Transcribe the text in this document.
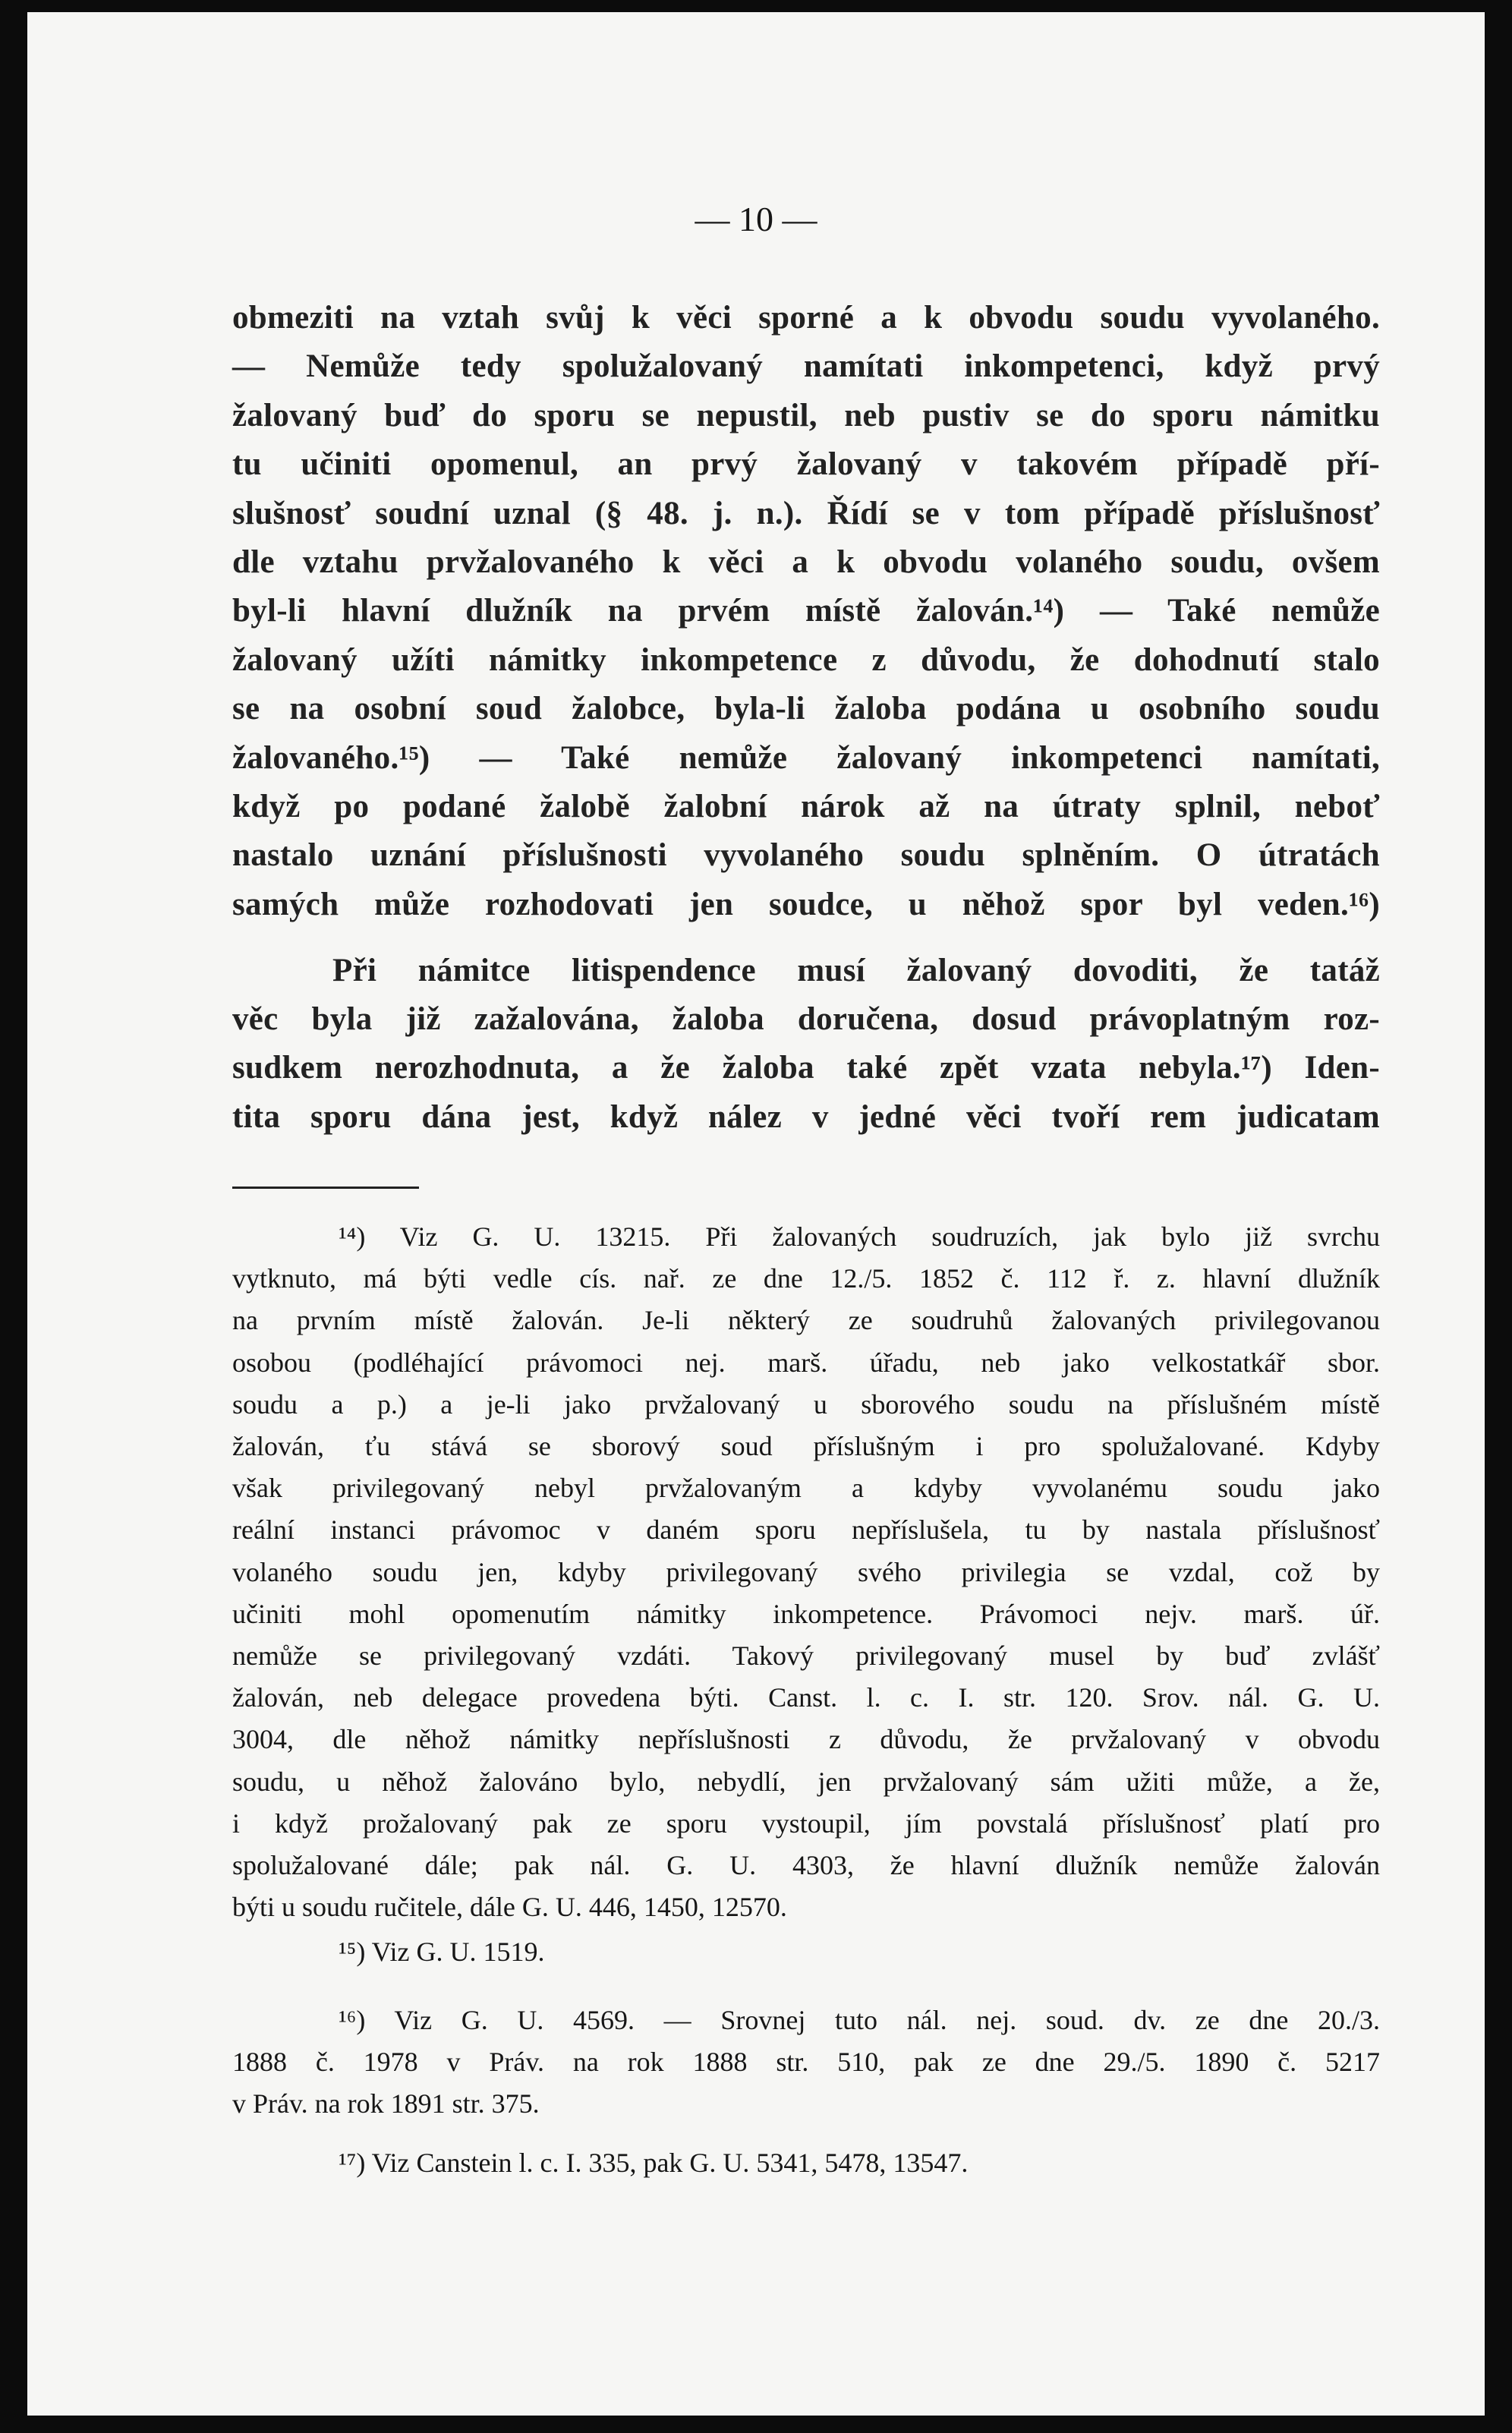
— 10 —
obmeziti na vztah svůj k věci sporné a k obvodu soudu vyvolaného.
— Nemůže tedy spolužalovaný namítati inkompetenci, když prvý
žalovaný buď do sporu se nepustil, neb pustiv se do sporu námitku
tu učiniti opomenul, an prvý žalovaný v takovém případě pří-
slušnosť soudní uznal (§ 48. j. n.). Řídí se v tom případě příslušnosť
dle vztahu prvžalovaného k věci a k obvodu volaného soudu, ovšem
byl-li hlavní dlužník na prvém místě žalován.¹⁴) — Také nemůže
žalovaný užíti námitky inkompetence z důvodu, že dohodnutí stalo
se na osobní soud žalobce, byla-li žaloba podána u osobního soudu
žalovaného.¹⁵) — Také nemůže žalovaný inkompetenci namítati,
když po podané žalobě žalobní nárok až na útraty splnil, neboť
nastalo uznání příslušnosti vyvolaného soudu splněním. O útratách
samých může rozhodovati jen soudce, u něhož spor byl veden.¹⁶)
Při námitce litispendence musí žalovaný dovoditi, že tatáž
věc byla již zažalována, žaloba doručena, dosud právoplatným roz-
sudkem nerozhodnuta, a že žaloba také zpět vzata nebyla.¹⁷) Iden-
tita sporu dána jest, když nález v jedné věci tvoří rem judicatam
¹⁴) Viz G. U. 13215. Při žalovaných soudruzích, jak bylo již svrchu
vytknuto, má býti vedle cís. nař. ze dne 12./5. 1852 č. 112 ř. z. hlavní dlužník
na prvním místě žalován. Je-li některý ze soudruhů žalovaných privilegovanou
osobou (podléhající právomoci nej. marš. úřadu, neb jako velkostatkář sbor.
soudu a p.) a je-li jako prvžalovaný u sborového soudu na příslušném místě
žalován, ťu stává se sborový soud příslušným i pro spolužalované. Kdyby
však privilegovaný nebyl prvžalovaným a kdyby vyvolanému soudu jako
reální instanci právomoc v daném sporu nepříslušela, tu by nastala příslušnosť
volaného soudu jen, kdyby privilegovaný svého privilegia se vzdal, což by
učiniti mohl opomenutím námitky inkompetence. Právomoci nejv. marš. úř.
nemůže se privilegovaný vzdáti. Takový privilegovaný musel by buď zvlášť
žalován, neb delegace provedena býti. Canst. l. c. I. str. 120. Srov. nál. G. U.
3004, dle něhož námitky nepříslušnosti z důvodu, že prvžalovaný v obvodu
soudu, u něhož žalováno bylo, nebydlí, jen prvžalovaný sám užiti může, a že,
i když prožalovaný pak ze sporu vystoupil, jím povstalá příslušnosť platí pro
spolužalované dále; pak nál. G. U. 4303, že hlavní dlužník nemůže žalován
býti u soudu ručitele, dále G. U. 446, 1450, 12570.
¹⁵) Viz G. U. 1519.
¹⁶) Viz G. U. 4569. — Srovnej tuto nál. nej. soud. dv. ze dne 20./3.
1888 č. 1978 v Práv. na rok 1888 str. 510, pak ze dne 29./5. 1890 č. 5217
v Práv. na rok 1891 str. 375.
¹⁷) Viz Canstein l. c. I. 335, pak G. U. 5341, 5478, 13547.
